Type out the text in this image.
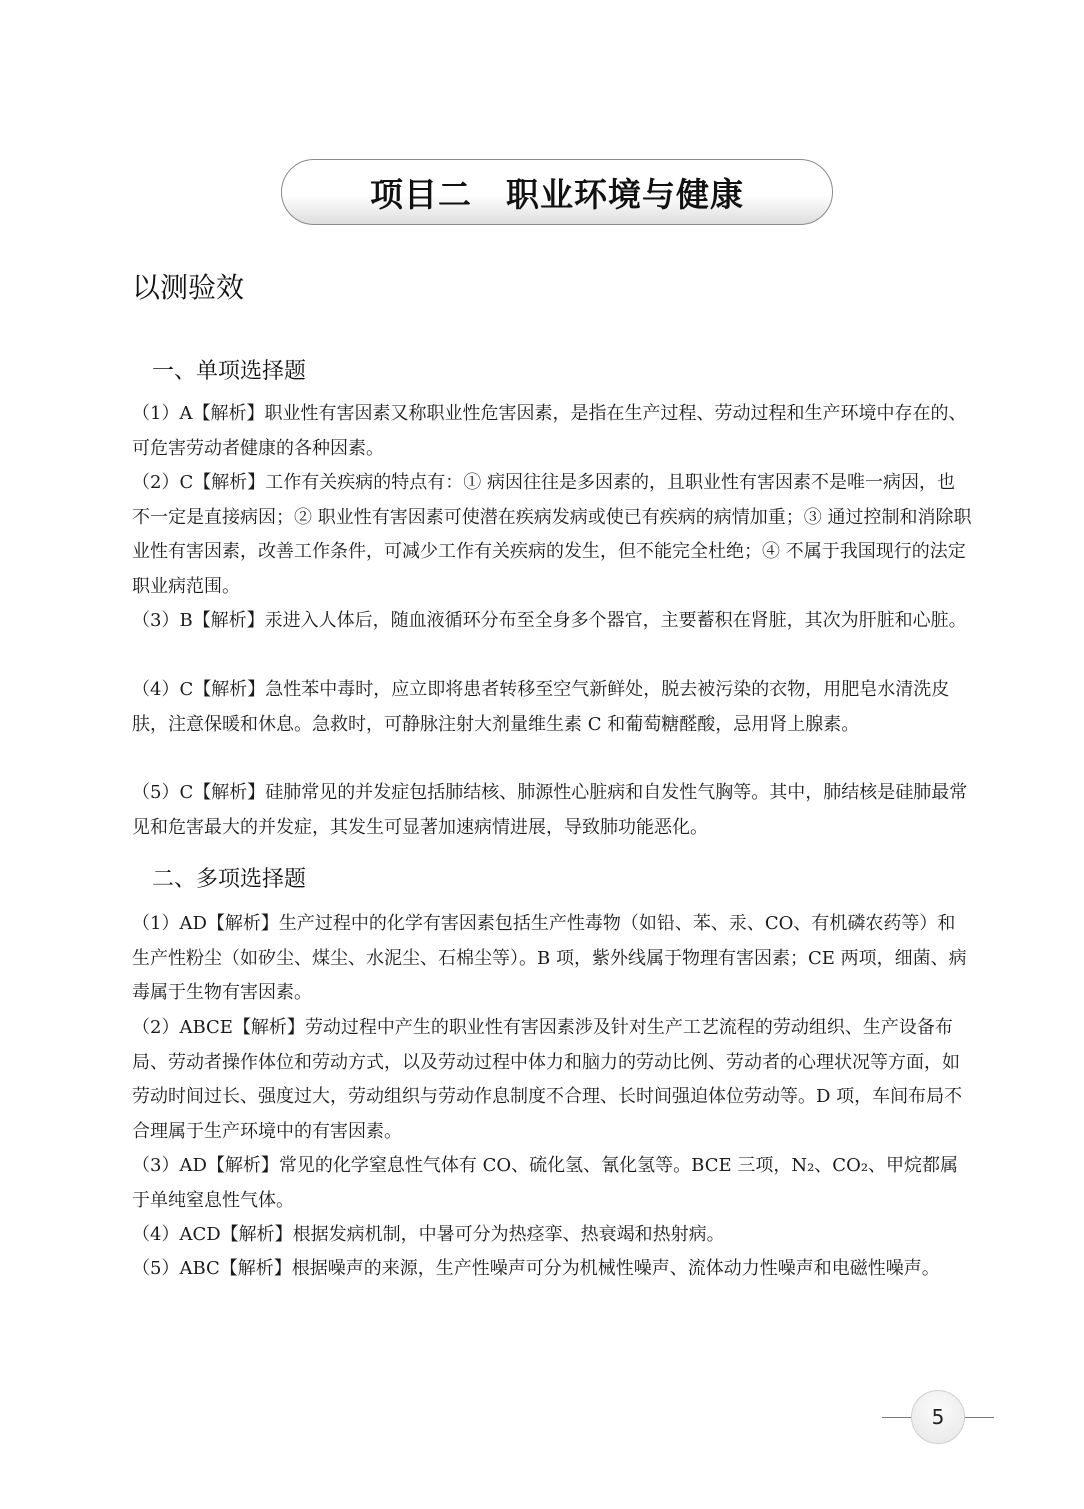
项目二　职业环境与健康
以测验效
一、单项选择题

（1）A【解析】职业性有害因素又称职业性危害因素，是指在生产过程、劳动过程和生产环境中存在的、可危害劳动者健康的各种因素。

（2）C【解析】工作有关疾病的特点有：① 病因往往是多因素的，且职业性有害因素不是唯一病因，也不一定是直接病因；② 职业性有害因素可使潜在疾病发病或使已有疾病的病情加重；③ 通过控制和消除职业性有害因素，改善工作条件，可减少工作有关疾病的发生，但不能完全杜绝；④ 不属于我国现行的法定职业病范围。

（3）B【解析】汞进入人体后，随血液循环分布至全身多个器官，主要蓄积在肾脏，其次为肝脏和心脏。

（4）C【解析】急性苯中毒时，应立即将患者转移至空气新鲜处，脱去被污染的衣物，用肥皂水清洗皮肤，注意保暖和休息。急救时，可静脉注射大剂量维生素 C 和葡萄糖醛酸，忌用肾上腺素。

（5）C【解析】硅肺常见的并发症包括肺结核、肺源性心脏病和自发性气胸等。其中，肺结核是硅肺最常见和危害最大的并发症，其发生可显著加速病情进展，导致肺功能恶化。

二、多项选择题

（1）AD【解析】生产过程中的化学有害因素包括生产性毒物（如铅、苯、汞、CO、有机磷农药等）和生产性粉尘（如矽尘、煤尘、水泥尘、石棉尘等）。B 项，紫外线属于物理有害因素；CE 两项，细菌、病毒属于生物有害因素。

（2）ABCE【解析】劳动过程中产生的职业性有害因素涉及针对生产工艺流程的劳动组织、生产设备布局、劳动者操作体位和劳动方式，以及劳动过程中体力和脑力的劳动比例、劳动者的心理状况等方面，如劳动时间过长、强度过大，劳动组织与劳动作息制度不合理、长时间强迫体位劳动等。D 项，车间布局不合理属于生产环境中的有害因素。

（3）AD【解析】常见的化学窒息性气体有 CO、硫化氢、氰化氢等。BCE 三项，N₂、CO₂、甲烷都属于单纯窒息性气体。

（4）ACD【解析】根据发病机制，中暑可分为热痉挛、热衰竭和热射病。

（5）ABC【解析】根据噪声的来源，生产性噪声可分为机械性噪声、流体动力性噪声和电磁性噪声。

5
